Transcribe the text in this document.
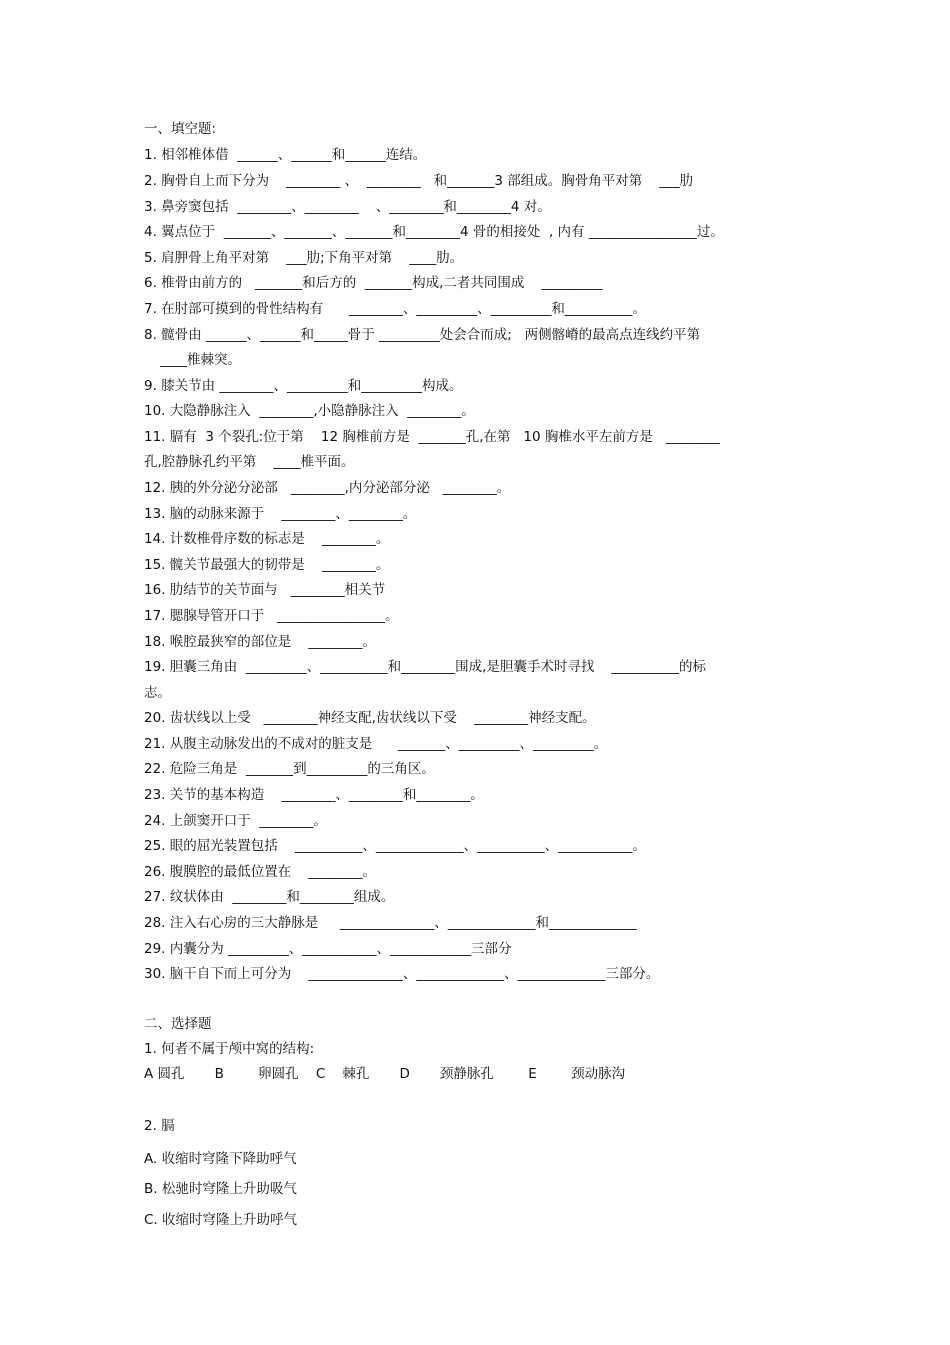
一、填空题:
1. 相邻椎体借  ______、______和______连结。
2. 胸骨自上而下分为    ________ 、  ________   和_______3 部组成。胸骨角平对第    ___肋
3. 鼻旁窦包括  ________、________    、________和________4 对。
4. 翼点位于  _______、_______、_______和________4 骨的相接处  , 内有 ________________过。
5. 肩胛骨上角平对第    ___肋;下角平对第    ____肋。
6. 椎骨由前方的   _______和后方的  _______构成,二者共同围成    _________
7. 在肘部可摸到的骨性结构有      ________、_________、_________和__________。
8. 髋骨由 ______、______和_____骨于 _________处会合而成;   两侧髂嵴的最高点连线约平第
____椎棘突。
9. 膝关节由 ________、_________和_________构成。
10. 大隐静脉注入  ________,小隐静脉注入  ________。
11. 膈有  3 个裂孔:位于第    12 胸椎前方是  _______孔,在第   10 胸椎水平左前方是   ________
孔,腔静脉孔约平第    ____椎平面。
12. 胰的外分泌分泌部   ________,内分泌部分泌   ________。
13. 脑的动脉来源于    ________、________。
14. 计数椎骨序数的标志是    ________。
15. 髋关节最强大的韧带是    ________。
16. 肋结节的关节面与   ________相关节
17. 腮腺导管开口于   ________________。
18. 喉腔最狭窄的部位是    ________。
19. 胆囊三角由  _________、__________和________围成,是胆囊手术时寻找    __________的标
志。
20. 齿状线以上受   ________神经支配,齿状线以下受    ________神经支配。
21. 从腹主动脉发出的不成对的脏支是      _______、_________、_________。
22. 危险三角是  _______到_________的三角区。
23. 关节的基本构造    ________、________和________。
24. 上颌窦开口于  ________。
25. 眼的屈光装置包括    __________、_____________、__________、___________。
26. 腹膜腔的最低位置在    ________。
27. 纹状体由  ________和________组成。
28. 注入右心房的三大静脉是     ______________、_____________和_____________
29. 内囊分为 _________、___________、____________三部分
30. 脑干自下而上可分为    ______________、_____________、_____________三部分。
二、选择题
1. 何者不属于颅中窝的结构:
A 圆孔       B        卵圆孔    C    棘孔       D       颈静脉孔        E        颈动脉沟
2. 膈
A. 收缩时穹隆下降助呼气
B. 松驰时穹隆上升助吸气
C. 收缩时穹隆上升助呼气
